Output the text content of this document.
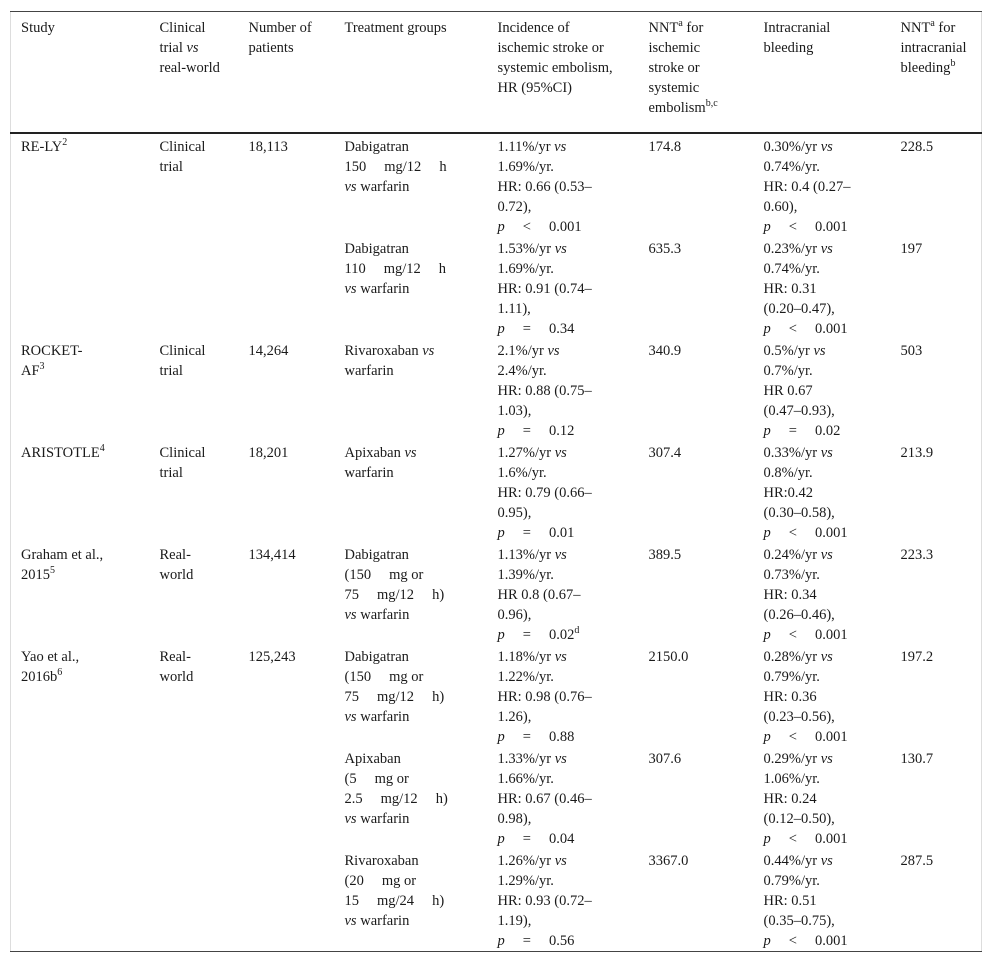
Study	Clinical
trial vs
real-world	Number of
patients	Treatment groups	Incidence of
ischemic stroke or
systemic embolism,
HR (95%CI)	NNT$^a$ for
ischemic
stroke or
systemic
embolism$^{b,c}$	Intracranial
bleeding	NNT$^a$ for
intracranial
bleeding$^b$

$RE-LY^2$	Clinical
trial	18,113	Dabigatran
150 mg/12 h
vs warfarin	1.11%/yr vs
1.69%/yr.
HR: 0.66 (0.53–
0.72),
p < 0.001	174.8	0.30%/yr vs
0.74%/yr.
HR: 0.4 (0.27–
0.60),
p < 0.001	228.5

			Dabigatran
110 mg/12 h
vs warfarin	1.53%/yr vs
1.69%/yr.
HR: 0.91 (0.74–
1.11),
p = 0.34	635.3	0.23%/yr vs
0.74%/yr.
HR: 0.31
(0.20–0.47),
p < 0.001	197

ROCKET-
$AF^3$	Clinical
trial	14,264	Rivaroxaban vs
warfarin	2.1%/yr vs
2.4%/yr.
HR: 0.88 (0.75–
1.03),
p = 0.12	340.9	0.5%/yr vs
0.7%/yr.
HR 0.67
(0.47–0.93),
p = 0.02	503

ARISTOTLE$^4$	Clinical
trial	18,201	Apixaban vs
warfarin	1.27%/yr vs
1.6%/yr.
HR: 0.79 (0.66–
0.95),
p = 0.01	307.4	0.33%/yr vs
0.8%/yr.
HR:0.42
(0.30–0.58),
p < 0.001	213.9

Graham et al.,
2015$^5$	Real-
world	134,414	Dabigatran
(150 mg or
75 mg/12 h)
vs warfarin	1.13%/yr vs
1.39%/yr.
HR 0.8 (0.67–
0.96),
p = 0.02$^d$	389.5	0.24%/yr vs
0.73%/yr.
HR: 0.34
(0.26–0.46),
p < 0.001	223.3

Yao et al.,
$2016b^6$	Real-
world	125,243	Dabigatran
(150 mg or
75 mg/12 h)
vs warfarin	1.18%/yr vs
1.22%/yr.
HR: 0.98 (0.76–
1.26),
p = 0.88	2150.0	0.28%/yr vs
0.79%/yr.
HR: 0.36
(0.23–0.56),
p < 0.001	197.2

			Apixaban
(5 mg or
2.5 mg/12 h)
vs warfarin	1.33%/yr vs
1.66%/yr.
HR: 0.67 (0.46–
0.98),
p = 0.04	307.6	0.29%/yr vs
1.06%/yr.
HR: 0.24
(0.12–0.50),
p < 0.001	130.7

			Rivaroxaban
(20 mg or
15 mg/24 h)
vs warfarin	1.26%/yr vs
1.29%/yr.
HR: 0.93 (0.72–
1.19),
p = 0.56	3367.0	0.44%/yr vs
0.79%/yr.
HR: 0.51
(0.35–0.75),
p < 0.001	287.5
